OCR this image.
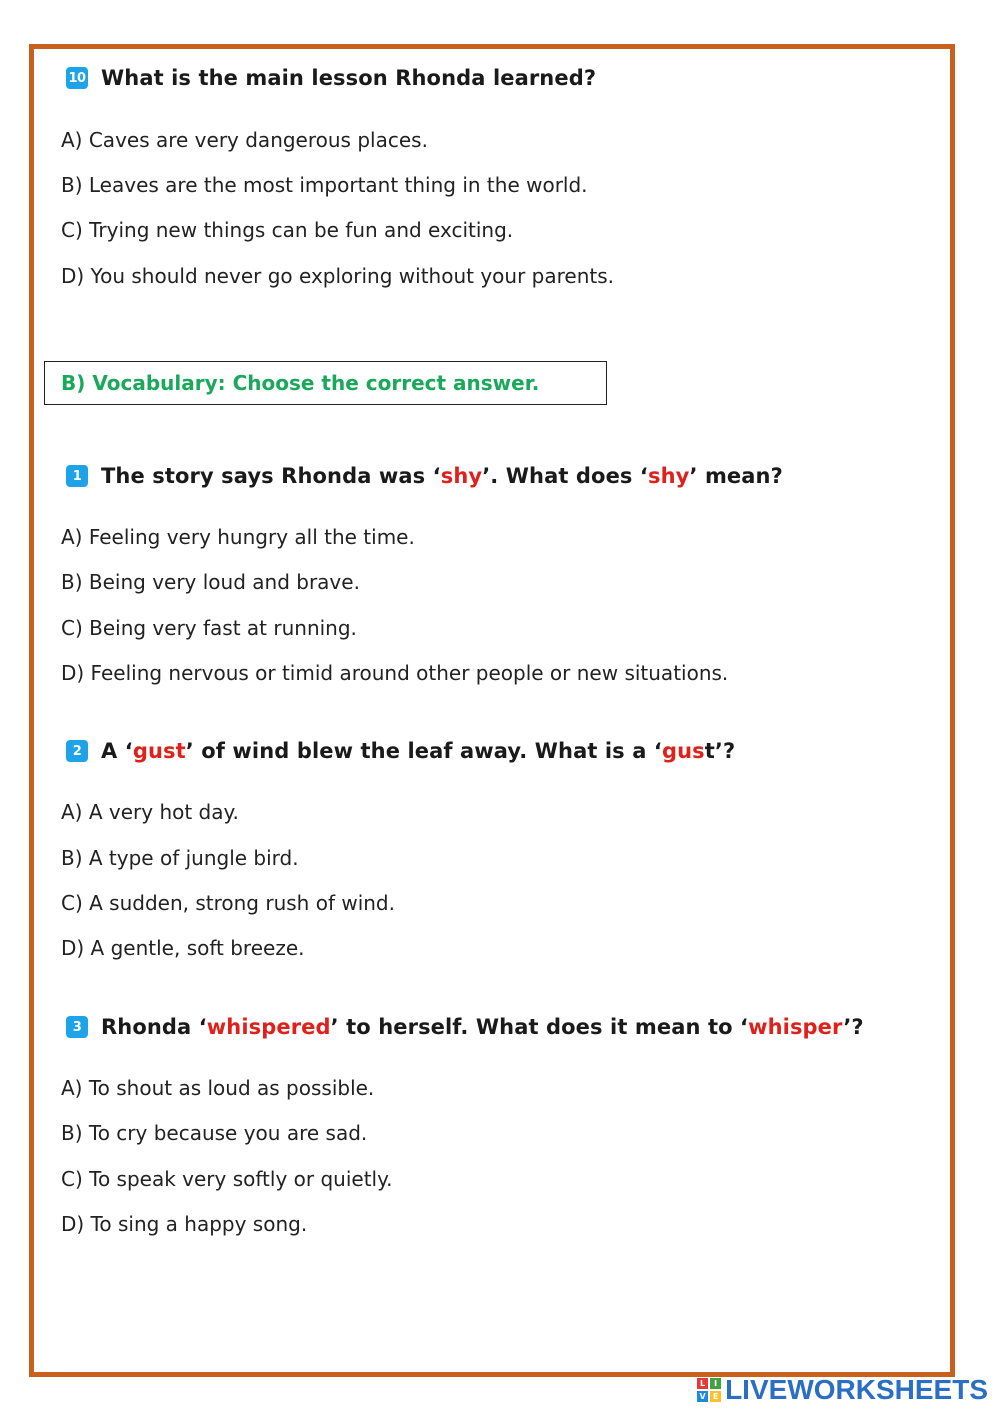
10 What is the main lesson Rhonda learned?
A) Caves are very dangerous places.
B) Leaves are the most important thing in the world.
C) Trying new things can be fun and exciting.
D) You should never go exploring without your parents.
B) Vocabulary: Choose the correct answer.
1 The story says Rhonda was ‘shy’. What does ‘shy’ mean?
A) Feeling very hungry all the time.
B) Being very loud and brave.
C) Being very fast at running.
D) Feeling nervous or timid around other people or new situations.
2 A ‘gust’ of wind blew the leaf away. What is a ‘gust’?
A) A very hot day.
B) A type of jungle bird.
C) A sudden, strong rush of wind.
D) A gentle, soft breeze.
3 Rhonda ‘whispered’ to herself. What does it mean to ‘whisper’?
A) To shout as loud as possible.
B) To cry because you are sad.
C) To speak very softly or quietly.
D) To sing a happy song.
L	I
V E LIVEWORKSHEETS
